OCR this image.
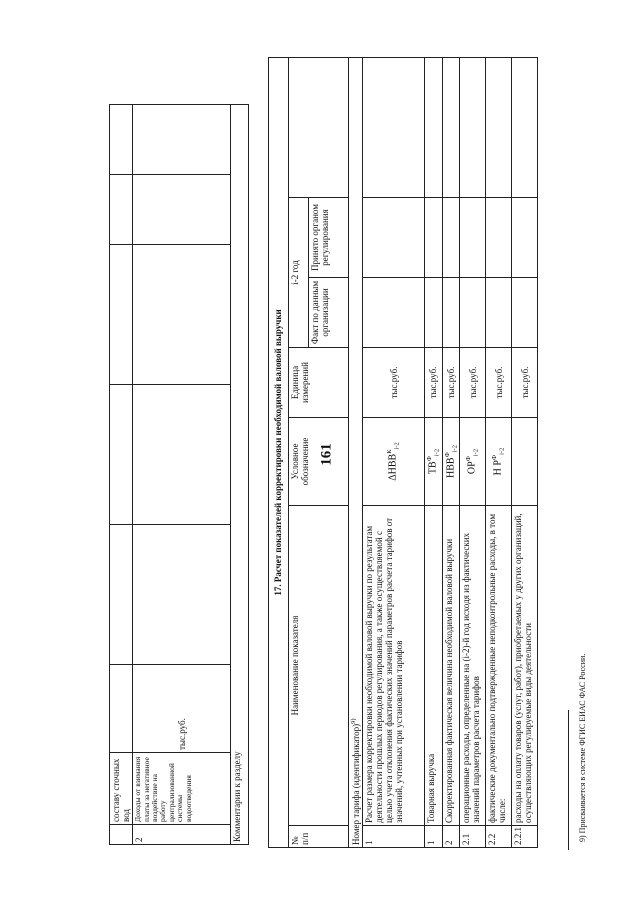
161
	составу сточных вод						
2	Доходы от взимания платы за негативное воздействие на работу централизованной системы водоотведения	тыс.руб.					
Комментарии к разделу							
17. Расчет показателей корректировки необходимой валовой выручки						
№ п/п	Наименование показателя	Условное обозначение	Единица измерений	i-2 год		
				Факт по данным организации	Принято органом регулирования	
Номер тарифа (идентификатор)$^{9)}$
1	Расчет размера корректировки необходимой валовой выручки по результатам деятельности прошлых периодов регулирования, а также осуществляемой с целью учета отклонения фактических значений параметров расчета тарифов от значений, учтенных при установлении тарифов	$\Delta НВВ^К_{i-2}$	тыс.руб.			
1	Товарная выручка	$ТВ^Ф_{i-2}$	тыс.руб.			
2	Скорректированная фактическая величина необходимой валовой выручки	$НВВ^Ф_{i-2}$	тыс.руб.			
2.1	операционные расходы, определенные на (i-2)-й год исходя из фактических значений параметров расчета тарифов	$ОР^Ф_{i-2}$	тыс.руб.			
2.2	фактические документально подтвержденные неподконтрольные расходы, в том числе:	Н $Р^Ф_{i-2}$	тыс.руб.			
2.2.1	расходы на оплату товаров (услуг, работ), приобретаемых у других организаций, осуществляющих регулируемые виды деятельности		тыс.руб.			
9) Присваивается в системе ФГИС ЕИАС ФАС России.
